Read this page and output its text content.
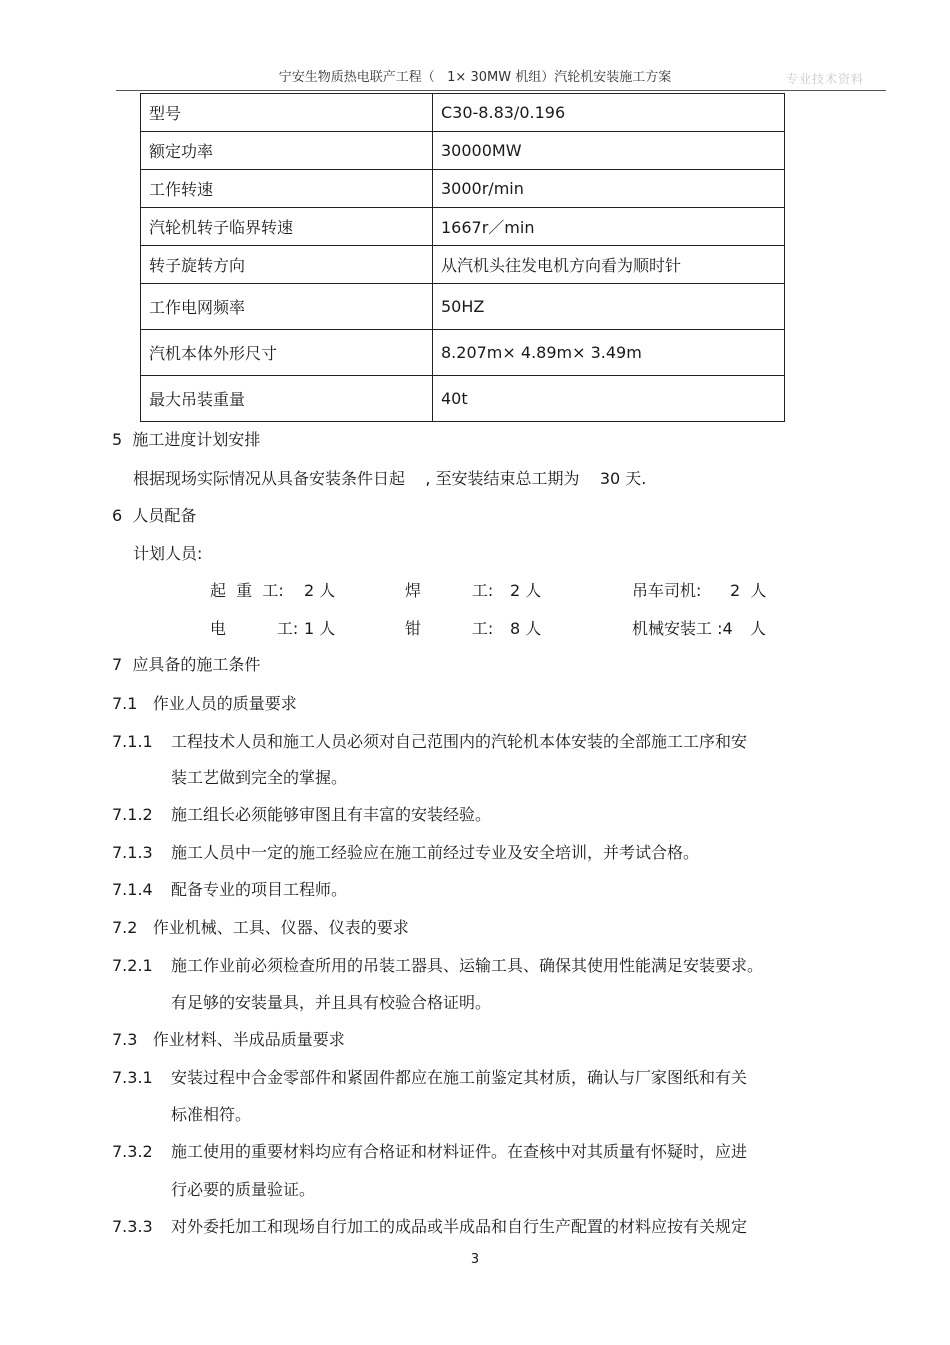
宁安生物质热电联产工程（   1× 30MW 机组）汽轮机安装施工方案	专业技术资料
型号	C30-8.83/0.196
额定功率	30000MW
工作转速	3000r/min
汽轮机转子临界转速	1667r／min
转子旋转方向	从汽机头往发电机方向看为顺时针
工作电网频率	50HZ
汽机本体外形尺寸	8.207m× 4.89m× 3.49m
最大吊装重量	40t
5  施工进度计划安排
根据现场实际情况从具备安装条件日起    , 至安装结束总工期为    30 天.
6  人员配备
计划人员:
起  重  工: 2 人	焊          工: 2 人	吊车司机: 2  人
电          工: 1 人	钳          工: 8 人	机械安装工 :4 人
7  应具备的施工条件
7.1   作业人员的质量要求
7.1.1 工程技术人员和施工人员必须对自己范围内的汽轮机本体安装的全部施工工序和安
装工艺做到完全的掌握。
7.1.2 施工组长必须能够审图且有丰富的安装经验。
7.1.3 施工人员中一定的施工经验应在施工前经过专业及安全培训，并考试合格。
7.1.4 配备专业的项目工程师。
7.2   作业机械、工具、仪器、仪表的要求
7.2.1 施工作业前必须检查所用的吊装工器具、运输工具、确保其使用性能满足安装要求。
有足够的安装量具，并且具有校验合格证明。
7.3   作业材料、半成品质量要求
7.3.1 安装过程中合金零部件和紧固件都应在施工前鉴定其材质，确认与厂家图纸和有关
标准相符。
7.3.2 施工使用的重要材料均应有合格证和材料证件。在查核中对其质量有怀疑时，应进
行必要的质量验证。
7.3.3 对外委托加工和现场自行加工的成品或半成品和自行生产配置的材料应按有关规定
3
